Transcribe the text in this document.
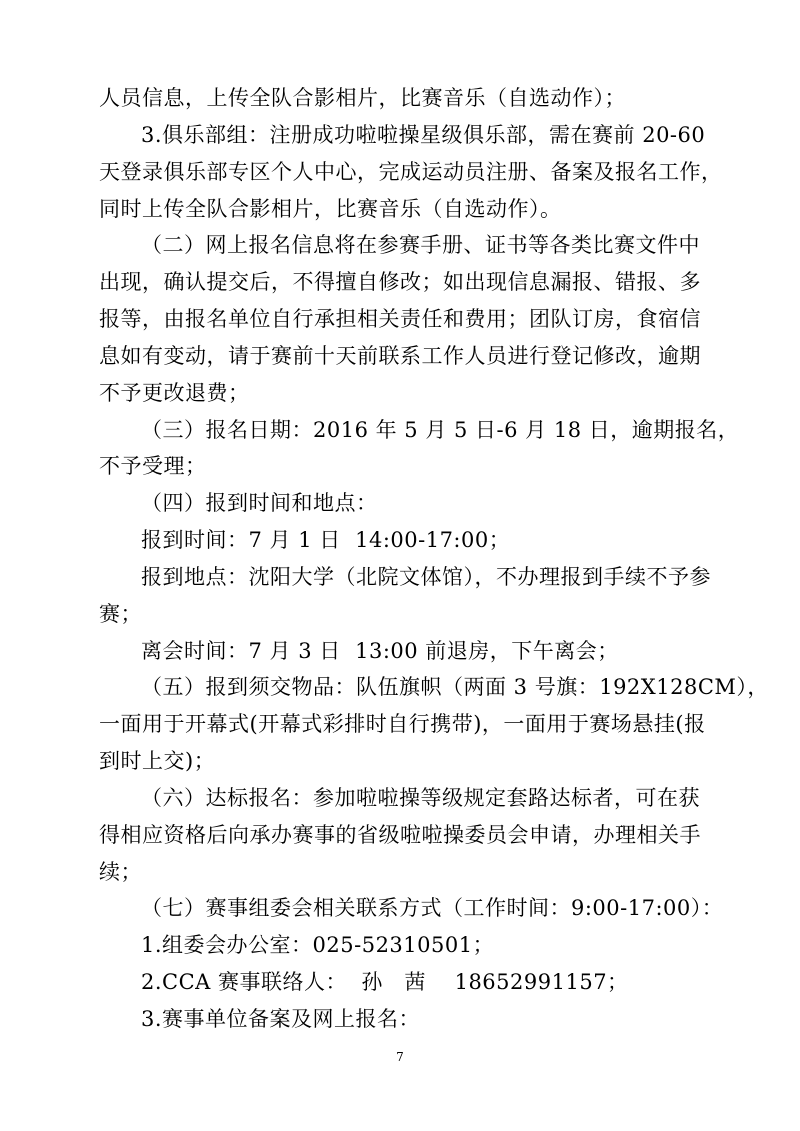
人员信息，上传全队合影相片，比赛音乐（自选动作）；
3.俱乐部组：注册成功啦啦操星级俱乐部，需在赛前 20-60
天登录俱乐部专区个人中心，完成运动员注册、备案及报名工作，
同时上传全队合影相片，比赛音乐（自选动作）。
（二）网上报名信息将在参赛手册、证书等各类比赛文件中
出现，确认提交后，不得擅自修改；如出现信息漏报、错报、多
报等，由报名单位自行承担相关责任和费用；团队订房，食宿信
息如有变动，请于赛前十天前联系工作人员进行登记修改，逾期
不予更改退费；
（三）报名日期：2016 年 5 月 5 日-6 月 18 日，逾期报名，
不予受理；
（四）报到时间和地点：
报到时间：7 月 1 日  14:00-17:00；
报到地点：沈阳大学（北院文体馆），不办理报到手续不予参
赛；
离会时间：7 月 3 日  13:00 前退房，下午离会；
（五）报到须交物品：队伍旗帜（两面 3 号旗：192X128CM），
一面用于开幕式(开幕式彩排时自行携带)，一面用于赛场悬挂(报
到时上交)；
（六）达标报名：参加啦啦操等级规定套路达标者，可在获
得相应资格后向承办赛事的省级啦啦操委员会申请，办理相关手
续；
（七）赛事组委会相关联系方式（工作时间：9:00-17:00）：
1.组委会办公室：025-52310501；
2.CCA 赛事联络人：  孙   茜    18652991157；
3.赛事单位备案及网上报名：
7
